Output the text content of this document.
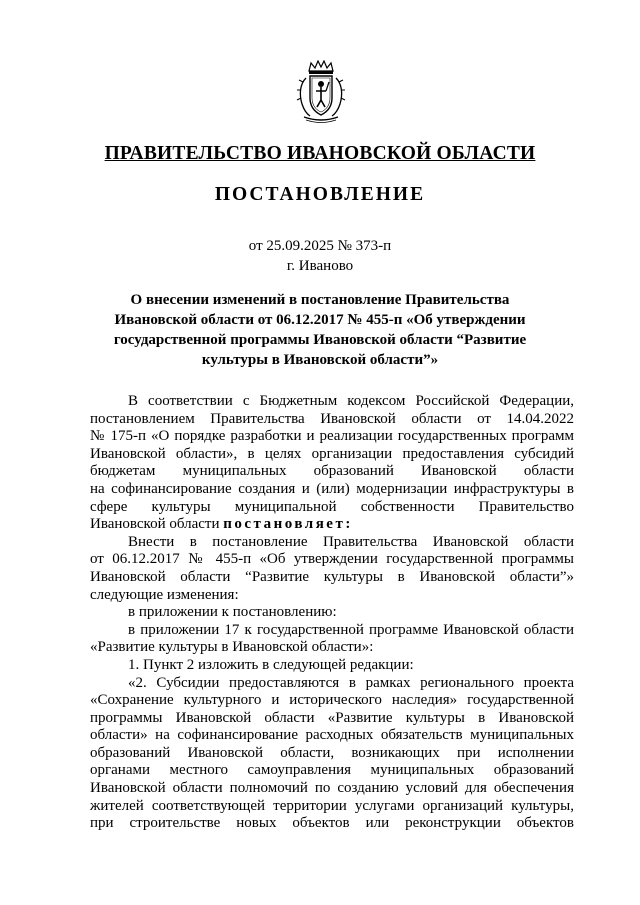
ПРАВИТЕЛЬСТВО ИВАНОВСКОЙ ОБЛАСТИ
ПОСТАНОВЛЕНИЕ
от 25.09.2025 № 373-п
г. Иваново
О внесении изменений в постановление Правительства
Ивановской области от 06.12.2017 № 455-п «Об утверждении
государственной программы Ивановской области “Развитие
культуры в Ивановской области”»
В соответствии с Бюджетным кодексом Российской Федерации,
постановлением Правительства Ивановской области от 14.04.2022
№ 175-п «О порядке разработки и реализации государственных программ
Ивановской области», в целях организации предоставления субсидий
бюджетам муниципальных образований Ивановской области
на софинансирование создания и (или) модернизации инфраструктуры в
сфере культуры муниципальной собственности Правительство
Ивановской области постановляет:
Внести в постановление Правительства Ивановской области
от 06.12.2017 № 455-п «Об утверждении государственной программы
Ивановской области “Развитие культуры в Ивановской области”»
следующие изменения:
в приложении к постановлению:
в приложении 17 к государственной программе Ивановской области
«Развитие культуры в Ивановской области»:
1. Пункт 2 изложить в следующей редакции:
«2. Субсидии предоставляются в рамках регионального проекта
«Сохранение культурного и исторического наследия» государственной
программы Ивановской области «Развитие культуры в Ивановской
области» на софинансирование расходных обязательств муниципальных
образований Ивановской области, возникающих при исполнении
органами местного самоуправления муниципальных образований
Ивановской области полномочий по созданию условий для обеспечения
жителей соответствующей территории услугами организаций культуры,
при строительстве новых объектов или реконструкции объектов
